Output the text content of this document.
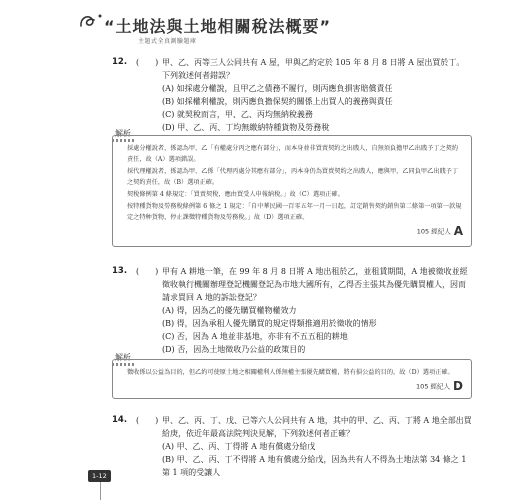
“土地法與土地相關稅法概要”
主題式全真測驗題庫
12.	(　　) 甲、乙、丙等三人公同共有 A 屋，甲與乙約定於 105 年 8 月 8 日將 A 屋出買於丁。下列敘述何者錯誤？
(A) 如採處分權說，且甲乙之債務不履行，則丙應負損害賠償責任
(B) 如採權利權說，則丙應負擔保契約關係上出買人的義務與責任
(C) 就契稅而言，甲、乙、丙均無納稅義務
(D) 甲、乙、丙、丁均無繳納特種貨物及勞務稅
解析

採處分權說者，係認為甲、乙「有權處分丙之應有部分」，而本身並非買賣契約之出賎人，自無須負擔甲乙出賎予丁之契約責任，故（A）選項錯誤。

採代理權說者，係認為甲、乙係「代理丙處分其應有部分」，丙本身仍為買賣契約之出賎人，應與甲、乙同負甲乙出賎予丁之契約責任，故（B）選項正確。

契稅條例第 4 條規定：「買賣契稅，應由買受人申報納稅。」故（C）選項正確。

按特種貨物及勞務稅條例第 6 條之 1 規定：「自中華民國一百零五年一月一日起，訂定銷售契約銷售第二條第一項第一款規定之特种貨物，停止課徵特種貨物及勞務稅。」故（D）選項正確。

105 經紀人 A
13.	(　　) 甲有 A 耕地一筆，在 99 年 8 月 8 日將 A 地出租於乙，並租賃期間，A 地被徵收並經徵收執行機關辦理登記機關登記為市地大國所有，乙得否主張其為優先購買權人，因而請求買回 A 地的訴訟登記？
(A) 得，因為乙的優先購買權物權效力
(B) 得，因為承租人優先購買的規定得類推適用於徵收的情形
(C) 否，因為 A 地並非基地，亦非有不五五租的耕地
(D) 否，因為土地徵收乃公益的政策目的
解析

徵收係以公益為目的，但乙約可使原土地之相關權利人係無權主張優先購買權，將有損公益的目的，故（D）選項正確。

105 經紀人 D
14.	(　　) 甲、乙、丙、丁、戊、已等六人公同共有 A 地，其中的甲、乙、丙、丁將 A 地全部出買給庚，依近年最高法院判決見解，下列敘述何者正確？
(A) 甲、乙、丙、丁得將 A 地有償處分給戊
(B) 甲、乙、丙、丁不得將 A 地有償處分給戊，因為共有人不得為土地法第 34 條之 1 第 1 項的受讓人
1-12
